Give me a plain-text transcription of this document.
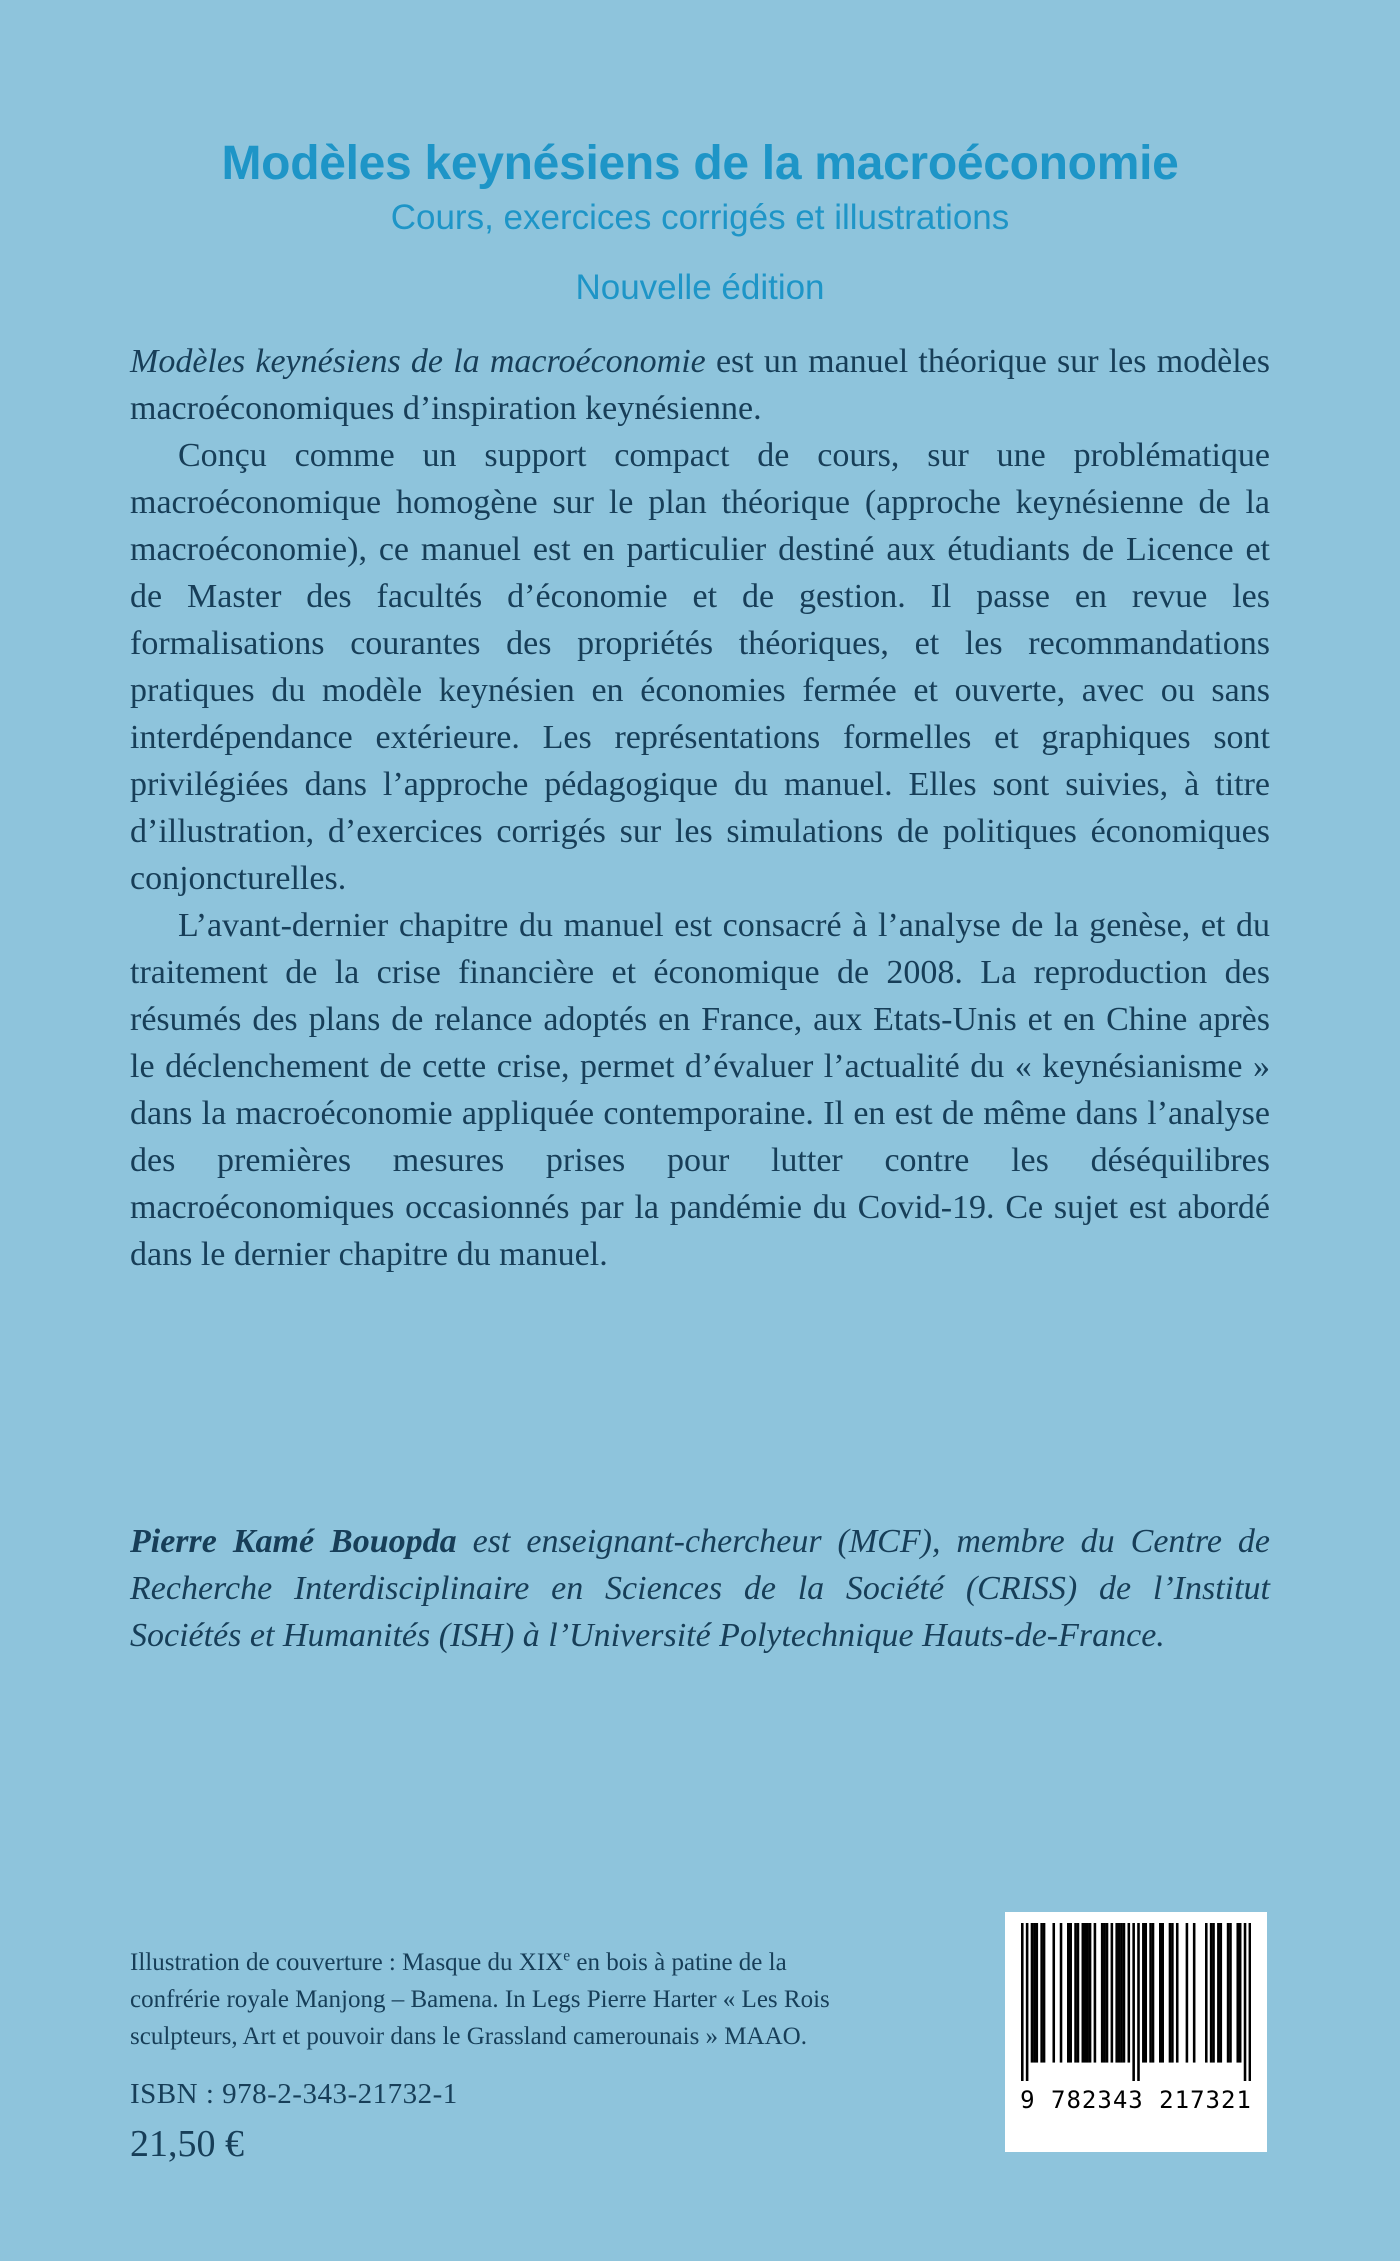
Modèles keynésiens de la macroéconomie
Cours, exercices corrigés et illustrations
Nouvelle édition

Modèles keynésiens de la macroéconomie est un manuel théorique sur les modèles macroéconomiques d’inspiration keynésienne.

Conçu comme un support compact de cours, sur une problématique macroéconomique homogène sur le plan théorique (approche keynésienne de la macroéconomie), ce manuel est en particulier destiné aux étudiants de Licence et de Master des facultés d’économie et de gestion. Il passe en revue les formalisations courantes des propriétés théoriques, et les recommandations pratiques du modèle keynésien en économies fermée et ouverte, avec ou sans interdépendance extérieure. Les représentations formelles et graphiques sont privilégiées dans l’approche pédagogique du manuel. Elles sont suivies, à titre d’illustration, d’exercices corrigés sur les simulations de politiques économiques conjoncturelles.

L’avant-dernier chapitre du manuel est consacré à l’analyse de la genèse, et du traitement de la crise financière et économique de 2008. La reproduction des résumés des plans de relance adoptés en France, aux Etats-Unis et en Chine après le déclenchement de cette crise, permet d’évaluer l’actualité du « keynésianisme » dans la macroéconomie appliquée contemporaine. Il en est de même dans l’analyse des premières mesures prises pour lutter contre les déséquilibres macroéconomiques occasionnés par la pandémie du Covid-19. Ce sujet est abordé dans le dernier chapitre du manuel.

Pierre Kamé Bouopda est enseignant-chercheur (MCF), membre du Centre de Recherche Interdisciplinaire en Sciences de la Société (CRISS) de l’Institut Sociétés et Humanités (ISH) à l’Université Polytechnique Hauts-de-France.
Illustration de couverture : Masque du XIXe en bois à patine de la
confrérie royale Manjong – Bamena. In Legs Pierre Harter « Les Rois
sculpteurs, Art et pouvoir dans le Grassland camerounais » MAAO.
ISBN : 978-2-343-21732-1
21,50 €
9 782343 217321
